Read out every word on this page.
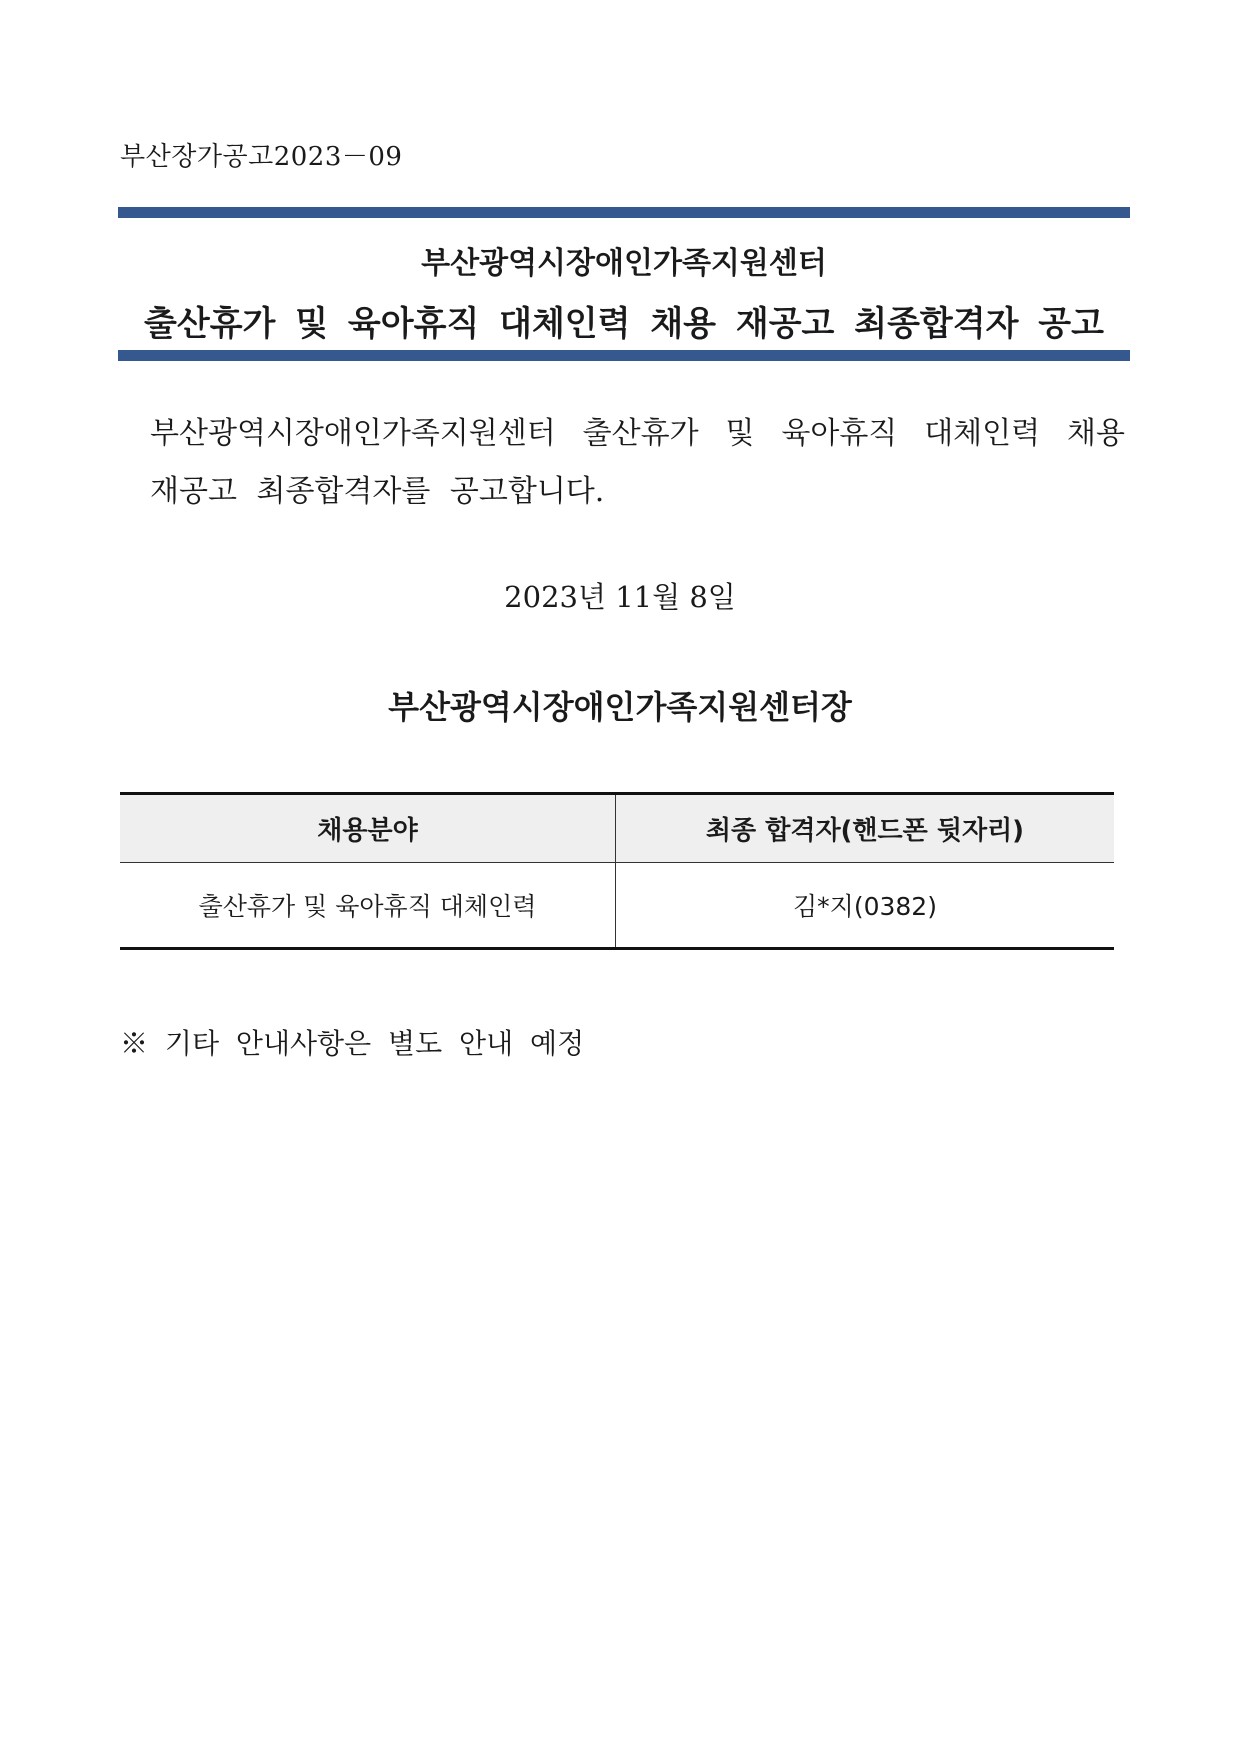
부산장가공고2023－09
부산광역시장애인가족지원센터
출산휴가 및 육아휴직 대체인력 채용 재공고 최종합격자 공고
부산광역시장애인가족지원센터 출산휴가 및 육아휴직 대체인력 채용 재공고 최종합격자를 공고합니다.
2023년 11월 8일
부산광역시장애인가족지원센터장
채용분야	최종 합격자(핸드폰 뒷자리)
출산휴가 및 육아휴직 대체인력	김*지(0382)
※ 기타 안내사항은 별도 안내 예정
